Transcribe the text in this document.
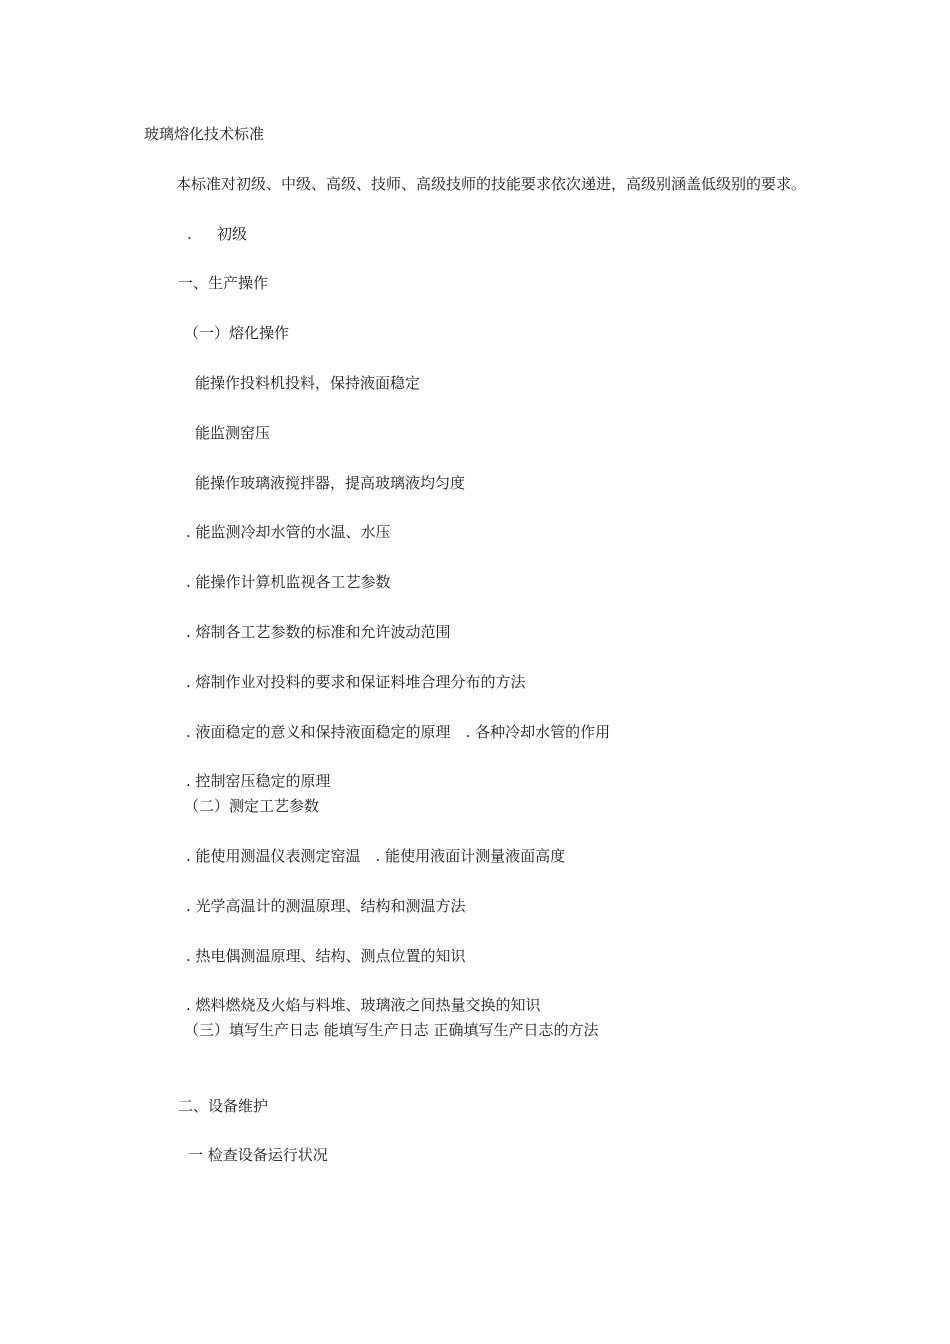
玻璃熔化技术标准
本标准对初级、中级、高级、技师、高级技师的技能要求依次递进，高级别涵盖低级别的要求。
. 初级
一、生产操作
（一）熔化操作
能操作投料机投料，保持液面稳定
能监测窑压
能操作玻璃液搅拌器，提高玻璃液均匀度
. 能监测冷却水管的水温、水压
. 能操作计算机监视各工艺参数
. 熔制各工艺参数的标准和允许波动范围
. 熔制作业对投料的要求和保证料堆合理分布的方法
. 液面稳定的意义和保持液面稳定的原理　. 各种冷却水管的作用
. 控制窑压稳定的原理
（二）测定工艺参数
. 能使用测温仪表测定窑温　. 能使用液面计测量液面高度
. 光学高温计的测温原理、结构和测温方法
. 热电偶测温原理、结构、测点位置的知识
. 燃料燃烧及火焰与料堆、玻璃液之间热量交换的知识
（三）填写生产日志 能填写生产日志 正确填写生产日志的方法
二、设备维护
一 检查设备运行状况
